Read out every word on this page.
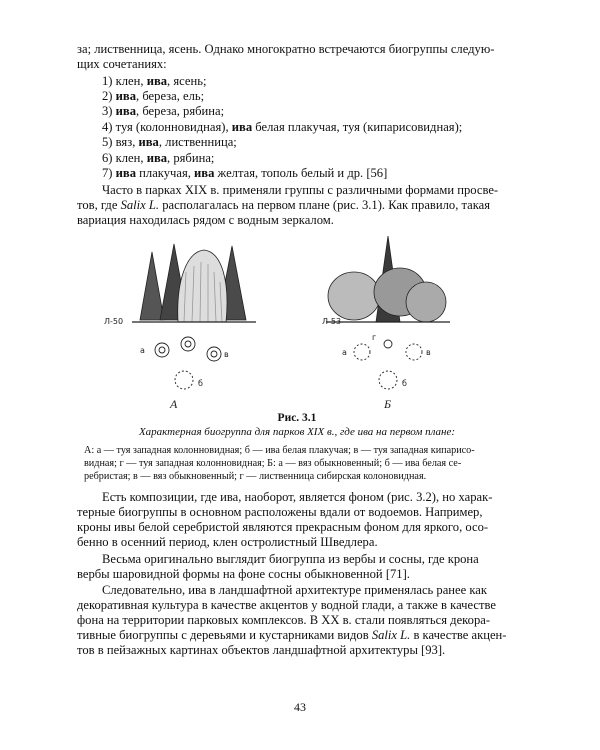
за; лиственница, ясень. Однако многократно встречаются биогруппы следую-
щих сочетаниях:
1) клен, ива, ясень;
2) ива, береза, ель;
3) ива, береза, рябина;
4) туя (колонновидная), ива белая плакучая, туя (кипарисовидная);
5) вяз, ива, лиственница;
6) клен, ива, рябина;
7) ива плакучая, ива желтая, тополь белый и др. [56]
Часто в парках XIX в. применяли группы с различными формами просве-
тов, где Salix L. располагалась на первом плане (рис. 3.1). Как правило, такая
вариация находилась рядом с водным зеркалом.
Л-50
а	в
б
А
Л-53
а	в
б
г
Б
Рис. 3.1
Характерная биогруппа для парков XIX в., где ива на первом плане:
А: а — туя западная колонновидная; б — ива белая плакучая; в — туя западная кипарисо-
видная; г — туя западная колонновидная; Б: а — вяз обыкновенный; б — ива белая се-
ребристая; в — вяз обыкновенный; г — лиственница сибирская колоновидная.
Есть композиции, где ива, наоборот, является фоном (рис. 3.2), но харак-
терные биогруппы в основном расположены вдали от водоемов. Например,
кроны ивы белой серебристой являются прекрасным фоном для яркого, осо-
бенно в осенний период, клен остролистный Шведлера.
Весьма оригинально выглядит биогруппа из вербы и сосны, где крона
вербы шаровидной формы на фоне сосны обыкновенной [71].
Следовательно, ива в ландшафтной архитектуре применялась ранее как
декоративная культура в качестве акцентов у водной глади, а также в качестве
фона на территории парковых комплексов. В XX в. стали появляться декора-
тивные биогруппы с деревьями и кустарниками видов Salix L. в качестве акцен-
тов в пейзажных картинах объектов ландшафтной архитектуры [93].
43
